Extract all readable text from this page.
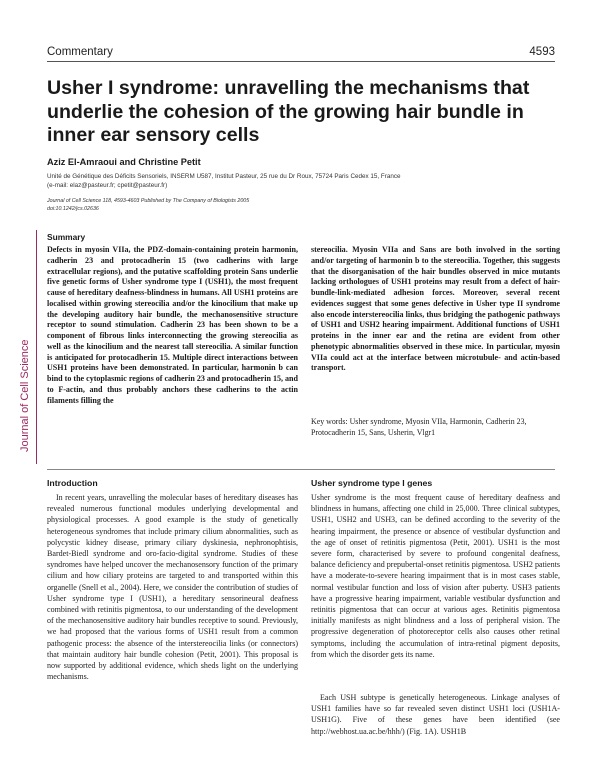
Commentary	4593
Usher I syndrome: unravelling the mechanisms that underlie the cohesion of the growing hair bundle in inner ear sensory cells
Aziz El-Amraoui and Christine Petit
Unité de Génétique des Déficits Sensoriels, INSERM U587, Institut Pasteur, 25 rue du Dr Roux, 75724 Paris Cedex 15, France
(e-mail: elaz@pasteur.fr; cpetit@pasteur.fr)
Journal of Cell Science 118, 4593-4603 Published by The Company of Biologists 2005
doi:10.1242/jcs.02636
Journal of Cell Science
Summary

Defects in myosin VIIa, the PDZ-domain-containing protein harmonin, cadherin 23 and protocadherin 15 (two cadherins with large extracellular regions), and the putative scaffolding protein Sans underlie five genetic forms of Usher syndrome type I (USH1), the most frequent cause of hereditary deafness-blindness in humans. All USH1 proteins are localised within growing stereocilia and/or the kinocilium that make up the developing auditory hair bundle, the mechanosensitive structure receptor to sound stimulation. Cadherin 23 has been shown to be a component of fibrous links interconnecting the growing stereocilia as well as the kinocilium and the nearest tall stereocilia. A similar function is anticipated for protocadherin 15. Multiple direct interactions between USH1 proteins have been demonstrated. In particular, harmonin b can bind to the cytoplasmic regions of cadherin 23 and protocadherin 15, and to F-actin, and thus probably anchors these cadherins to the actin filaments filling the

stereocilia. Myosin VIIa and Sans are both involved in the sorting and/or targeting of harmonin b to the stereocilia. Together, this suggests that the disorganisation of the hair bundles observed in mice mutants lacking orthologues of USH1 proteins may result from a defect of hair-bundle-link-mediated adhesion forces. Moreover, several recent evidences suggest that some genes defective in Usher type II syndrome also encode interstereocilia links, thus bridging the pathogenic pathways of USH1 and USH2 hearing impairment. Additional functions of USH1 proteins in the inner ear and the retina are evident from other phenotypic abnormalities observed in these mice. In particular, myosin VIIa could act at the interface between microtubule- and actin-based transport.

Key words: Usher syndrome, Myosin VIIa, Harmonin, Cadherin 23, Protocadherin 15, Sans, Usherin, Vlgr1

Introduction

In recent years, unravelling the molecular bases of hereditary diseases has revealed numerous functional modules underlying developmental and physiological processes. A good example is the study of genetically heterogeneous syndromes that include primary cilium abnormalities, such as polycystic kidney disease, primary ciliary dyskinesia, nephronophtisis, Bardet-Biedl syndrome and oro-facio-digital syndrome. Studies of these syndromes have helped uncover the mechanosensory function of the primary cilium and how ciliary proteins are targeted to and transported within this organelle (Snell et al., 2004). Here, we consider the contribution of studies of Usher syndrome type I (USH1), a hereditary sensorineural deafness combined with retinitis pigmentosa, to our understanding of the development of the mechanosensitive auditory hair bundles receptive to sound. Previously, we had proposed that the various forms of USH1 result from a common pathogenic process: the absence of the interstereocilia links (or connectors) that maintain auditory hair bundle cohesion (Petit, 2001). This proposal is now supported by additional evidence, which sheds light on the underlying mechanisms.

Usher syndrome type I genes

Usher syndrome is the most frequent cause of hereditary deafness and blindness in humans, affecting one child in 25,000. Three clinical subtypes, USH1, USH2 and USH3, can be defined according to the severity of the hearing impairment, the presence or absence of vestibular dysfunction and the age of onset of retinitis pigmentosa (Petit, 2001). USH1 is the most severe form, characterised by severe to profound congenital deafness, balance deficiency and prepubertal-onset retinitis pigmentosa. USH2 patients have a moderate-to-severe hearing impairment that is in most cases stable, normal vestibular function and loss of vision after puberty. USH3 patients have a progressive hearing impairment, variable vestibular dysfunction and retinitis pigmentosa that can occur at various ages. Retinitis pigmentosa initially manifests as night blindness and a loss of peripheral vision. The progressive degeneration of photoreceptor cells also causes other retinal symptoms, including the accumulation of intra-retinal pigment deposits, from which the disorder gets its name.

Each USH subtype is genetically heterogeneous. Linkage analyses of USH1 families have so far revealed seven distinct USH1 loci (USH1A-USH1G). Five of these genes have been identified (see http://webhost.ua.ac.be/hhh/) (Fig. 1A). USH1B
